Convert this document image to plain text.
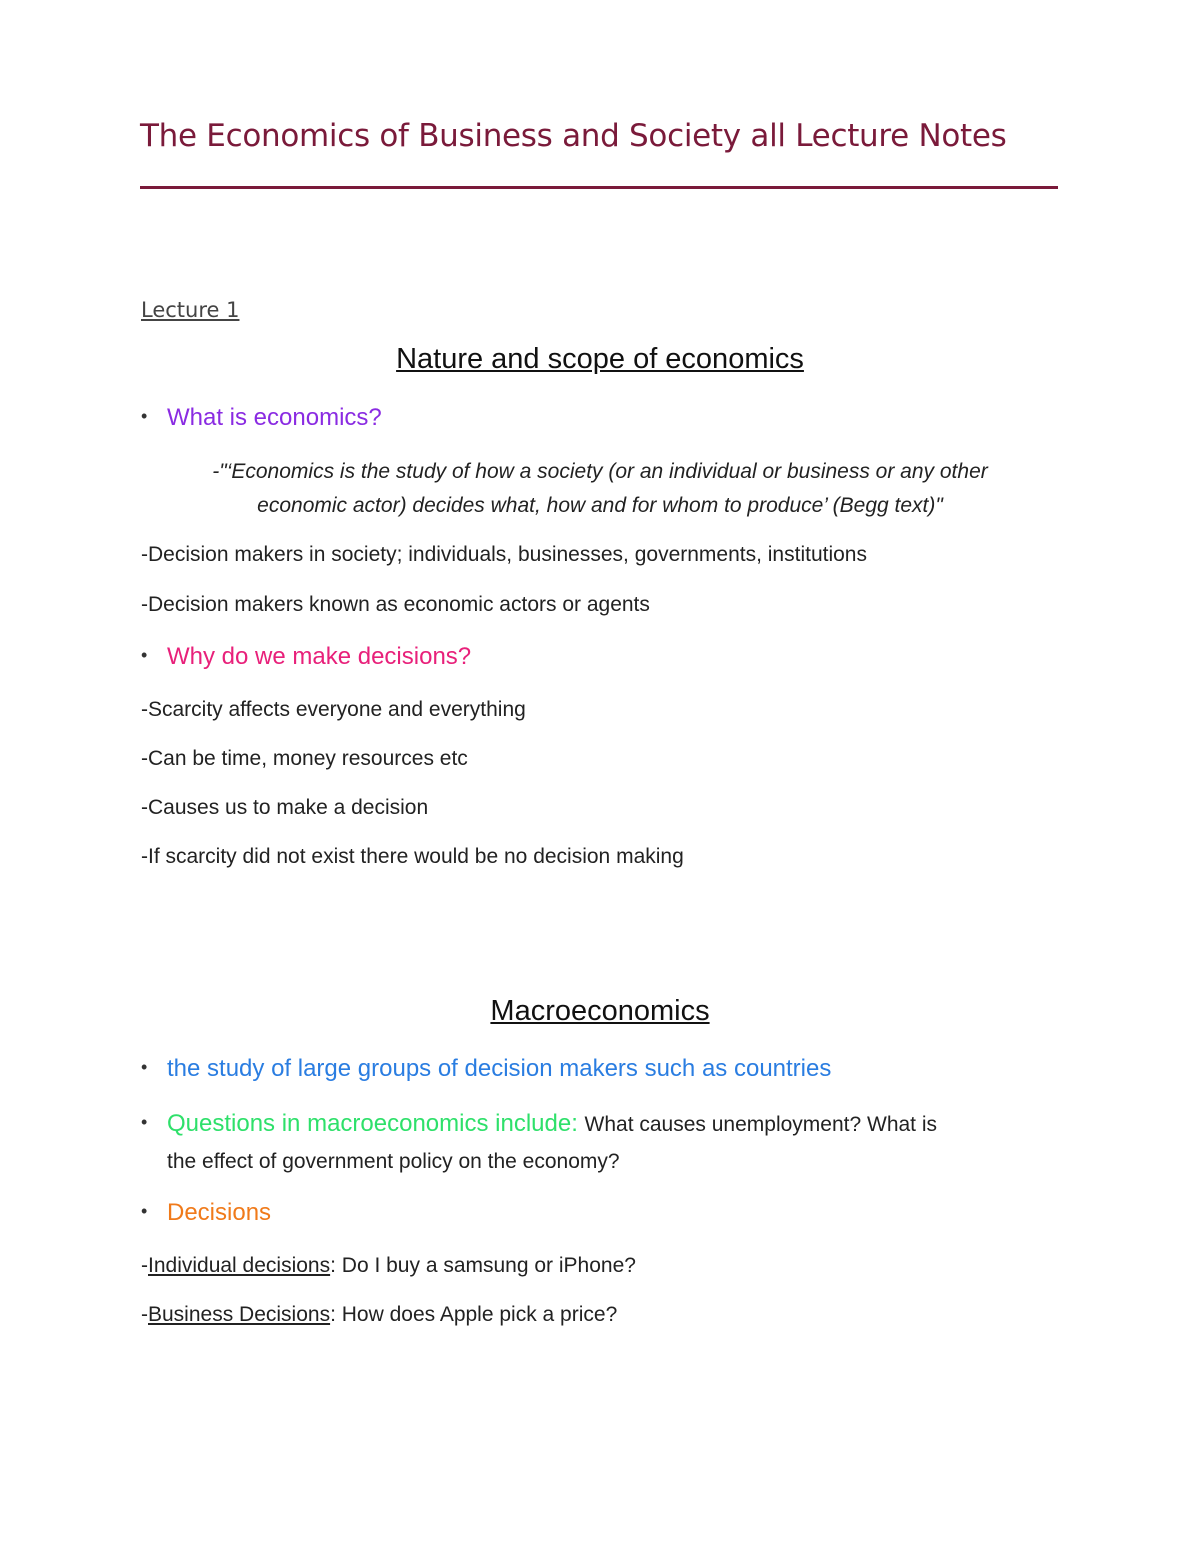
The Economics of Business and Society all Lecture Notes
Lecture 1
Nature and scope of economics
• What is economics?
-"‘Economics is the study of how a society (or an individual or business or any other
economic actor) decides what, how and for whom to produce’ (Begg text)"
-Decision makers in society; individuals, businesses, governments, institutions
-Decision makers known as economic actors or agents
• Why do we make decisions?
-Scarcity affects everyone and everything
-Can be time, money resources etc
-Causes us to make a decision
-If scarcity did not exist there would be no decision making
Macroeconomics
• the study of large groups of decision makers such as countries
• Questions in macroeconomics include: What causes unemployment? What is
the effect of government policy on the economy?
• Decisions
-Individual decisions: Do I buy a samsung or iPhone?
-Business Decisions: How does Apple pick a price?
